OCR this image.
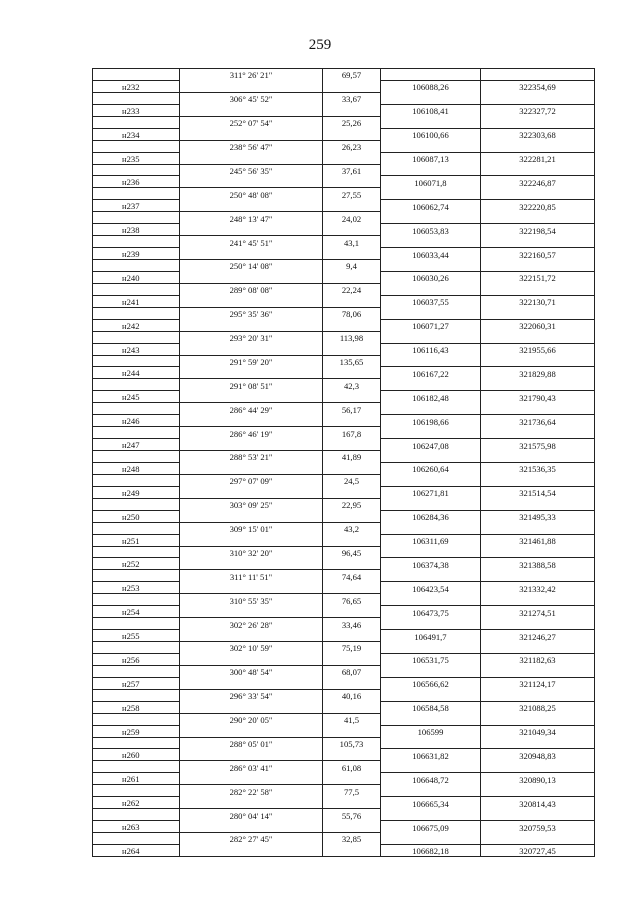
259
	311° 26' 21"	69,57		
н232			106088,26	322354,69
	306° 45' 52"	33,67		
н233			106108,41	322327,72
	252° 07' 54"	25,26		
н234			106100,66	322303,68
	238° 56' 47"	26,23		
н235			106087,13	322281,21
	245° 56' 35"	37,61		
н236			106071,8	322246,87
	250° 48' 08"	27,55		
н237			106062,74	322220,85
	248° 13' 47"	24,02		
н238			106053,83	322198,54
	241° 45' 51"	43,1		
н239			106033,44	322160,57
	250° 14' 08"	9,4		
н240			106030,26	322151,72
	289° 08' 08"	22,24		
н241			106037,55	322130,71
	295° 35' 36"	78,06		
н242			106071,27	322060,31
	293° 20' 31"	113,98		
н243			106116,43	321955,66
	291° 59' 20"	135,65		
н244			106167,22	321829,88
	291° 08' 51"	42,3		
н245			106182,48	321790,43
	286° 44' 29"	56,17		
н246			106198,66	321736,64
	286° 46' 19"	167,8		
н247			106247,08	321575,98
	288° 53' 21"	41,89		
н248			106260,64	321536,35
	297° 07' 09"	24,5		
н249			106271,81	321514,54
	303° 09' 25"	22,95		
н250			106284,36	321495,33
	309° 15' 01"	43,2		
н251			106311,69	321461,88
	310° 32' 20"	96,45		
н252			106374,38	321388,58
	311° 11' 51"	74,64		
н253			106423,54	321332,42
	310° 55' 35"	76,65		
н254			106473,75	321274,51
	302° 26' 28"	33,46		
н255			106491,7	321246,27
	302° 10' 59"	75,19		
н256			106531,75	321182,63
	300° 48' 54"	68,07		
н257			106566,62	321124,17
	296° 33' 54"	40,16		
н258			106584,58	321088,25
	290° 20' 05"	41,5		
н259			106599	321049,34
	288° 05' 01"	105,73		
н260			106631,82	320948,83
	286° 03' 41"	61,08		
н261			106648,72	320890,13
	282° 22' 58"	77,5		
н262			106665,34	320814,43
	280° 04' 14"	55,76		
н263			106675,09	320759,53
	282° 27' 45"	32,85		
н264			106682,18	320727,45
